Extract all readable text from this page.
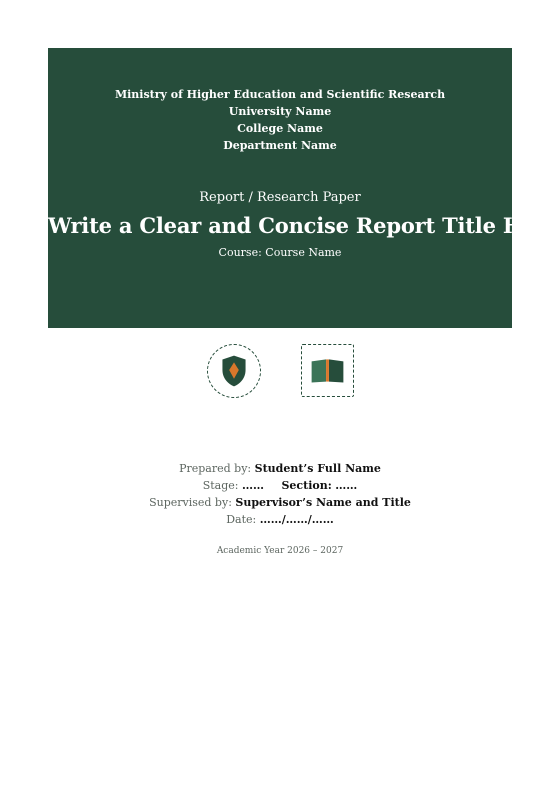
Ministry of Higher Education and Scientific Research
University Name
College Name
Department Name
Report / Research Paper
Write a Clear and Concise Report Title Here
Course: Course Name
Prepared by: Student’s Full Name
Stage: …… Section: ……
Supervised by: Supervisor’s Name and Title
Date: ……/……/……
Academic Year 2026 – 2027
